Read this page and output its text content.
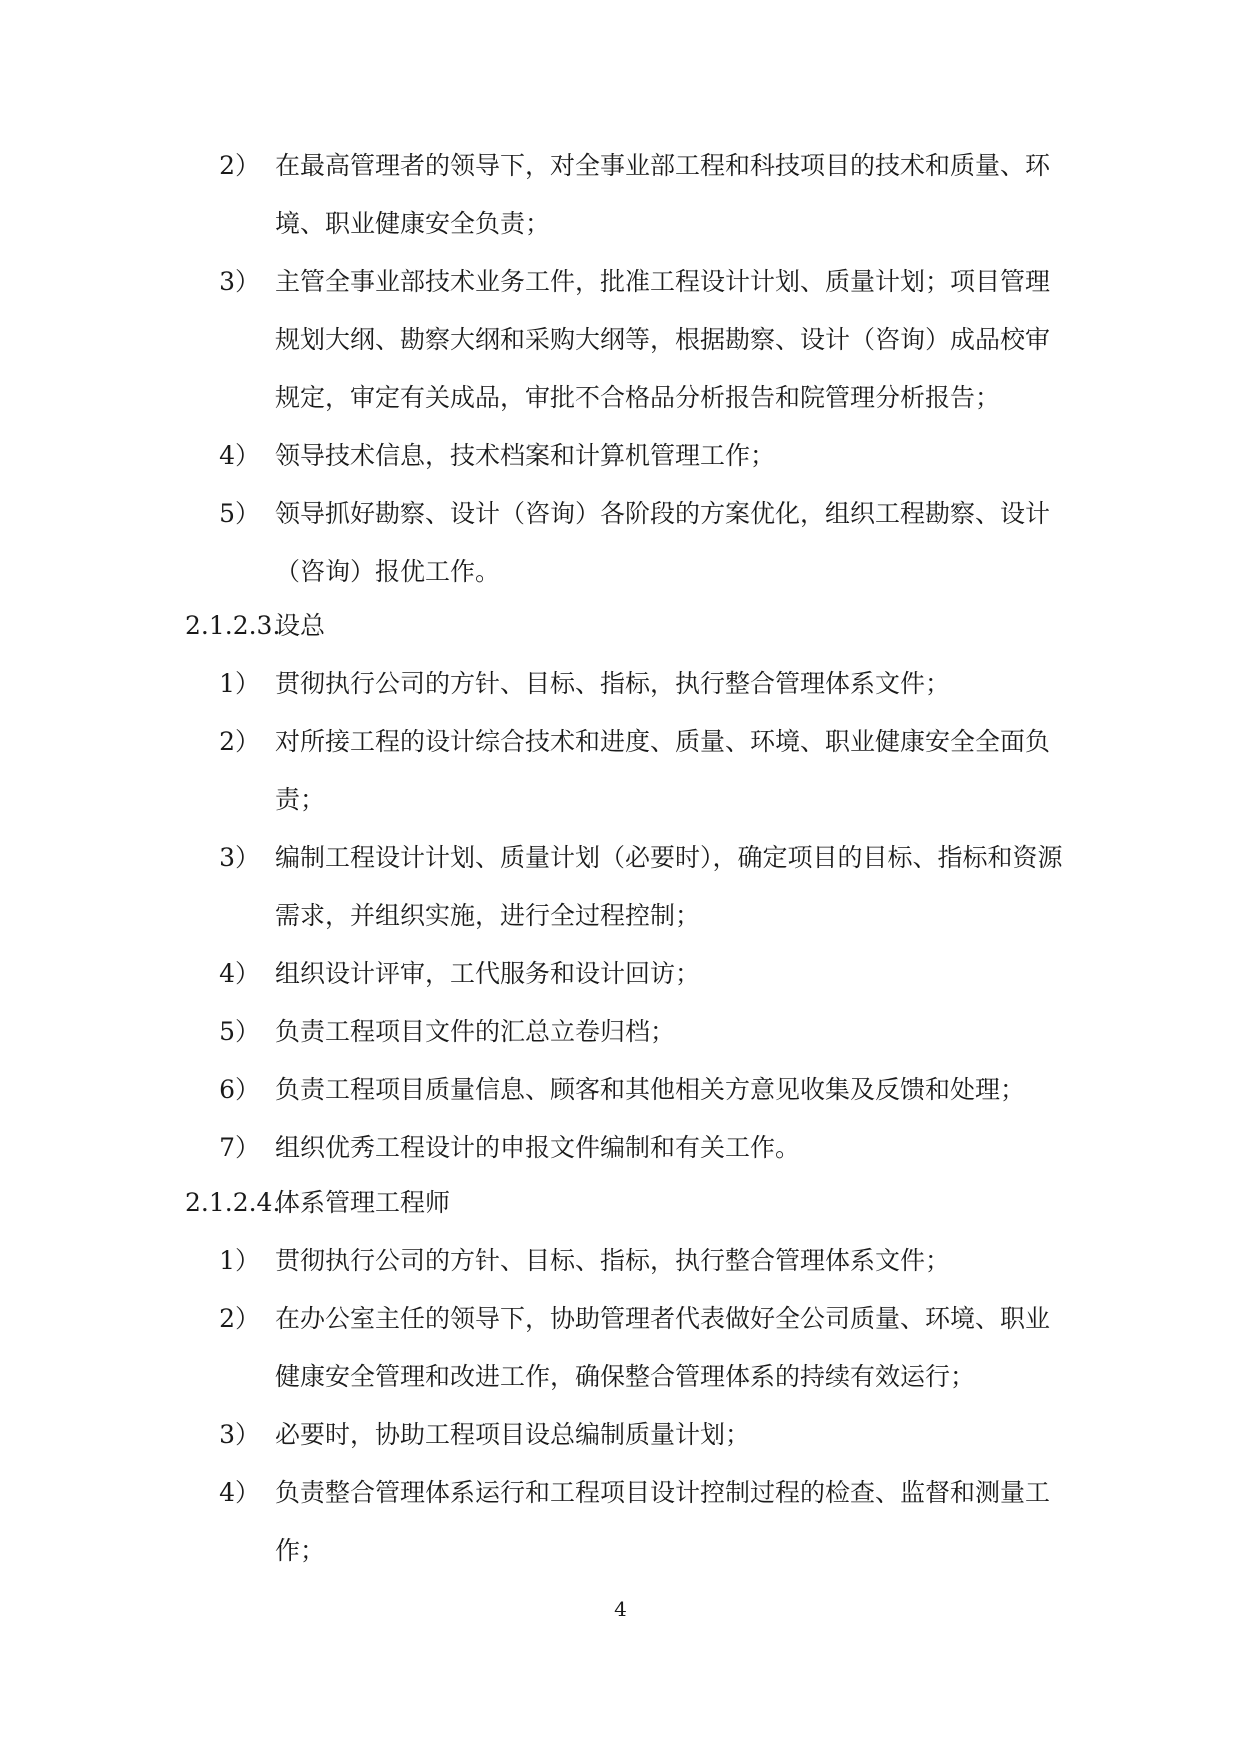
2） 在最高管理者的领导下，对全事业部工程和科技项目的技术和质量、环
境、职业健康安全负责；
3） 主管全事业部技术业务工件，批准工程设计计划、质量计划；项目管理
规划大纲、勘察大纲和采购大纲等，根据勘察、设计（咨询）成品校审
规定，审定有关成品，审批不合格品分析报告和院管理分析报告；
4） 领导技术信息，技术档案和计算机管理工作；
5） 领导抓好勘察、设计（咨询）各阶段的方案优化，组织工程勘察、设计
（咨询）报优工作。
2.1.2.3.
设总
1） 贯彻执行公司的方针、目标、指标，执行整合管理体系文件；
2） 对所接工程的设计综合技术和进度、质量、环境、职业健康安全全面负
责；
3） 编制工程设计计划、质量计划（必要时），确定项目的目标、指标和资源
需求，并组织实施，进行全过程控制；
4） 组织设计评审，工代服务和设计回访；
5） 负责工程项目文件的汇总立卷归档；
6） 负责工程项目质量信息、顾客和其他相关方意见收集及反馈和处理；
7） 组织优秀工程设计的申报文件编制和有关工作。
2.1.2.4.
体系管理工程师
1） 贯彻执行公司的方针、目标、指标，执行整合管理体系文件；
2） 在办公室主任的领导下，协助管理者代表做好全公司质量、环境、职业
健康安全管理和改进工作，确保整合管理体系的持续有效运行；
3） 必要时，协助工程项目设总编制质量计划；
4） 负责整合管理体系运行和工程项目设计控制过程的检查、监督和测量工
作；
4
